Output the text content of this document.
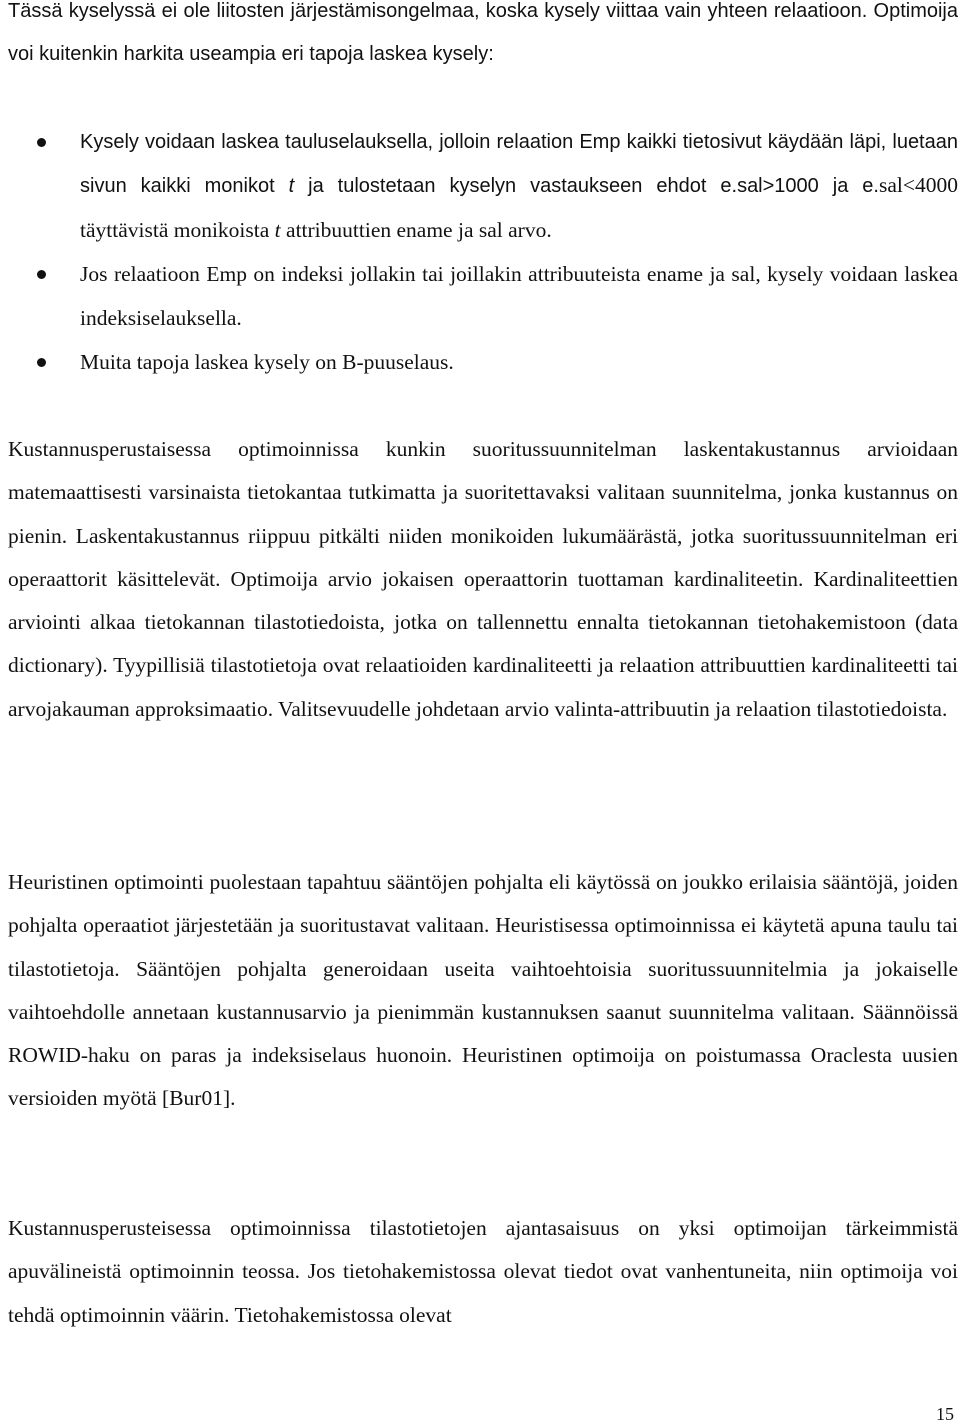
Tässä kyselyssä ei ole liitosten järjestämisongelmaa, koska kysely viittaa vain yhteen relaatioon. Optimoija voi kuitenkin harkita useampia eri tapoja laskea kysely:

Kysely voidaan laskea tauluselauksella, jolloin relaation Emp kaikki tietosivut käydään läpi, luetaan sivun kaikki monikot t ja tulostetaan kyselyn vastaukseen ehdot e.sal>1000 ja e.sal<4000 täyttävistä monikoista t attribuuttien ename ja sal arvo.
Jos relaatioon Emp on indeksi jollakin tai joillakin attribuuteista ename ja sal, kysely voidaan laskea indeksiselauksella.
Muita tapoja laskea kysely on B-puuselaus.

Kustannusperustaisessa optimoinnissa kunkin suoritussuunnitelman laskentakustannus arvioidaan matemaattisesti varsinaista tietokantaa tutkimatta ja suoritettavaksi valitaan suunnitelma, jonka kustannus on pienin. Laskentakustannus riippuu pitkälti niiden monikoiden lukumäärästä, jotka suoritussuunnitelman eri operaattorit käsittelevät. Optimoija arvio jokaisen operaattorin tuottaman kardinaliteetin. Kardinaliteettien arviointi alkaa tietokannan tilastotiedoista, jotka on tallennettu ennalta tietokannan tietohakemistoon (data dictionary). Tyypillisiä tilastotietoja ovat relaatioiden kardinaliteetti ja relaation attribuuttien kardinaliteetti tai arvojakauman approksimaatio. Valitsevuudelle johdetaan arvio valinta-attribuutin ja relaation tilastotiedoista.

Heuristinen optimointi puolestaan tapahtuu sääntöjen pohjalta eli käytössä on joukko erilaisia sääntöjä, joiden pohjalta operaatiot järjestetään ja suoritustavat valitaan. Heuristisessa optimoinnissa ei käytetä apuna taulu tai tilastotietoja. Sääntöjen pohjalta generoidaan useita vaihtoehtoisia suoritussuunnitelmia ja jokaiselle vaihtoehdolle annetaan kustannusarvio ja pienimmän kustannuksen saanut suunnitelma valitaan. Säännöissä ROWID-haku on paras ja indeksiselaus huonoin. Heuristinen optimoija on poistumassa Oraclesta uusien versioiden myötä [Bur01].

Kustannusperusteisessa optimoinnissa tilastotietojen ajantasaisuus on yksi optimoijan tärkeimmistä apuvälineistä optimoinnin teossa. Jos tietohakemistossa olevat tiedot ovat vanhentuneita, niin optimoija voi tehdä optimoinnin väärin. Tietohakemistossa olevat

15
